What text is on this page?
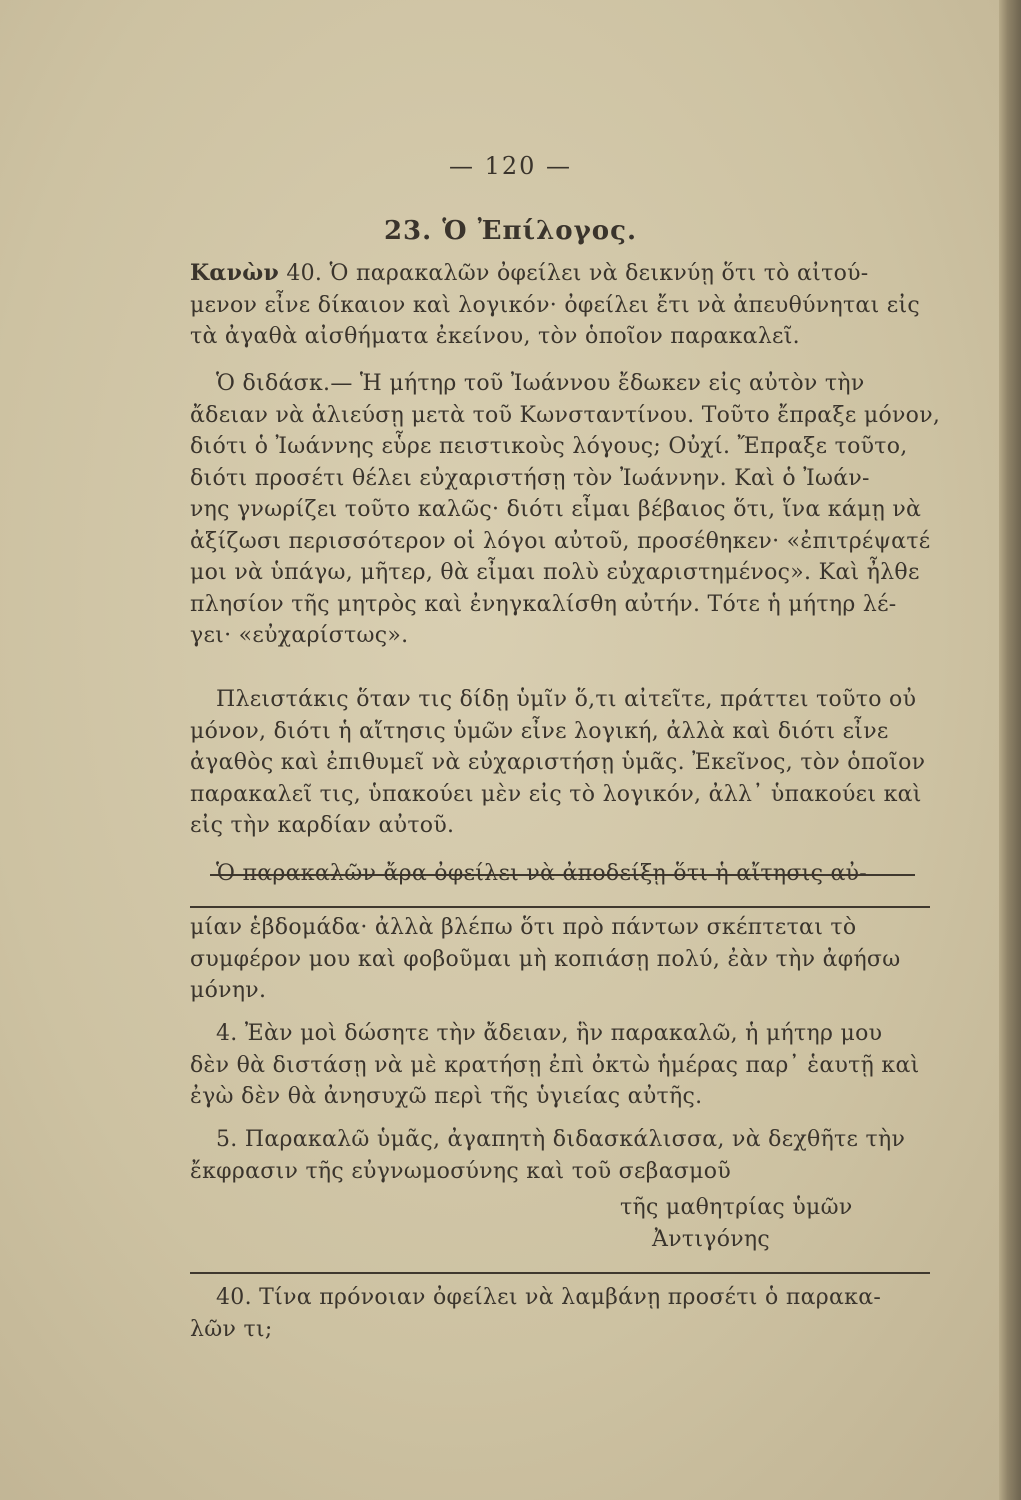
— 120 —
23. Ὁ Ἐπίλογος.
Κανὼν 40. Ὁ παρακαλῶν ὀφείλει νὰ δεικνύῃ ὅτι τὸ αἰτού-
μενον εἶνε δίκαιον καὶ λογικόν· ὀφείλει ἔτι νὰ ἀπευθύνηται εἰς
τὰ ἀγαθὰ αἰσθήματα ἐκείνου, τὸν ὁποῖον παρακαλεῖ.
Ὁ διδάσκ.— Ἡ μήτηρ τοῦ Ἰωάννου ἔδωκεν εἰς αὐτὸν τὴν
ἄδειαν νὰ ἁλιεύσῃ μετὰ τοῦ Κωνσταντίνου. Τοῦτο ἔπραξε μόνον,
διότι ὁ Ἰωάννης εὗρε πειστικοὺς λόγους; Οὐχί. Ἔπραξε τοῦτο,
διότι προσέτι θέλει εὐχαριστήσῃ τὸν Ἰωάννην. Καὶ ὁ Ἰωάν-
νης γνωρίζει τοῦτο καλῶς· διότι εἶμαι βέβαιος ὅτι, ἵνα κάμῃ νὰ
ἀξίζωσι περισσότερον οἱ λόγοι αὐτοῦ, προσέθηκεν· «ἐπιτρέψατέ
μοι νὰ ὑπάγω, μῆτερ, θὰ εἶμαι πολὺ εὐχαριστημένος». Καὶ ἦλθε
πλησίον τῆς μητρὸς καὶ ἐνηγκαλίσθη αὐτήν. Τότε ἡ μήτηρ λέ-
γει· «εὐχαρίστως».
Πλειστάκις ὅταν τις δίδῃ ὑμῖν ὅ,τι αἰτεῖτε, πράττει τοῦτο οὐ
μόνον, διότι ἡ αἴτησις ὑμῶν εἶνε λογική, ἀλλὰ καὶ διότι εἶνε
ἀγαθὸς καὶ ἐπιθυμεῖ νὰ εὐχαριστήσῃ ὑμᾶς. Ἐκεῖνος, τὸν ὁποῖον
παρακαλεῖ τις, ὑπακούει μὲν εἰς τὸ λογικόν, ἀλλ᾽ ὑπακούει καὶ
εἰς τὴν καρδίαν αὐτοῦ.
Ὁ παρακαλῶν ἄρα ὀφείλει νὰ ἀποδείξῃ ὅτι ἡ αἴτησις αὐ-
μίαν ἑβδομάδα· ἀλλὰ βλέπω ὅτι πρὸ πάντων σκέπτεται τὸ
συμφέρον μου καὶ φοβοῦμαι μὴ κοπιάσῃ πολύ, ἐὰν τὴν ἀφήσω
μόνην.
4. Ἐὰν μοὶ δώσητε τὴν ἄδειαν, ἣν παρακαλῶ, ἡ μήτηρ μου
δὲν θὰ διστάσῃ νὰ μὲ κρατήσῃ ἐπὶ ὀκτὼ ἡμέρας παρ᾽ ἑαυτῇ καὶ
ἐγὼ δὲν θὰ ἀνησυχῶ περὶ τῆς ὑγιείας αὐτῆς.
5. Παρακαλῶ ὑμᾶς, ἀγαπητὴ διδασκάλισσα, νὰ δεχθῆτε τὴν
ἔκφρασιν τῆς εὐγνωμοσύνης καὶ τοῦ σεβασμοῦ
τῆς μαθητρίας ὑμῶν
Ἀντιγόνης
40. Τίνα πρόνοιαν ὀφείλει νὰ λαμβάνῃ προσέτι ὁ παρακα-
λῶν τι;
